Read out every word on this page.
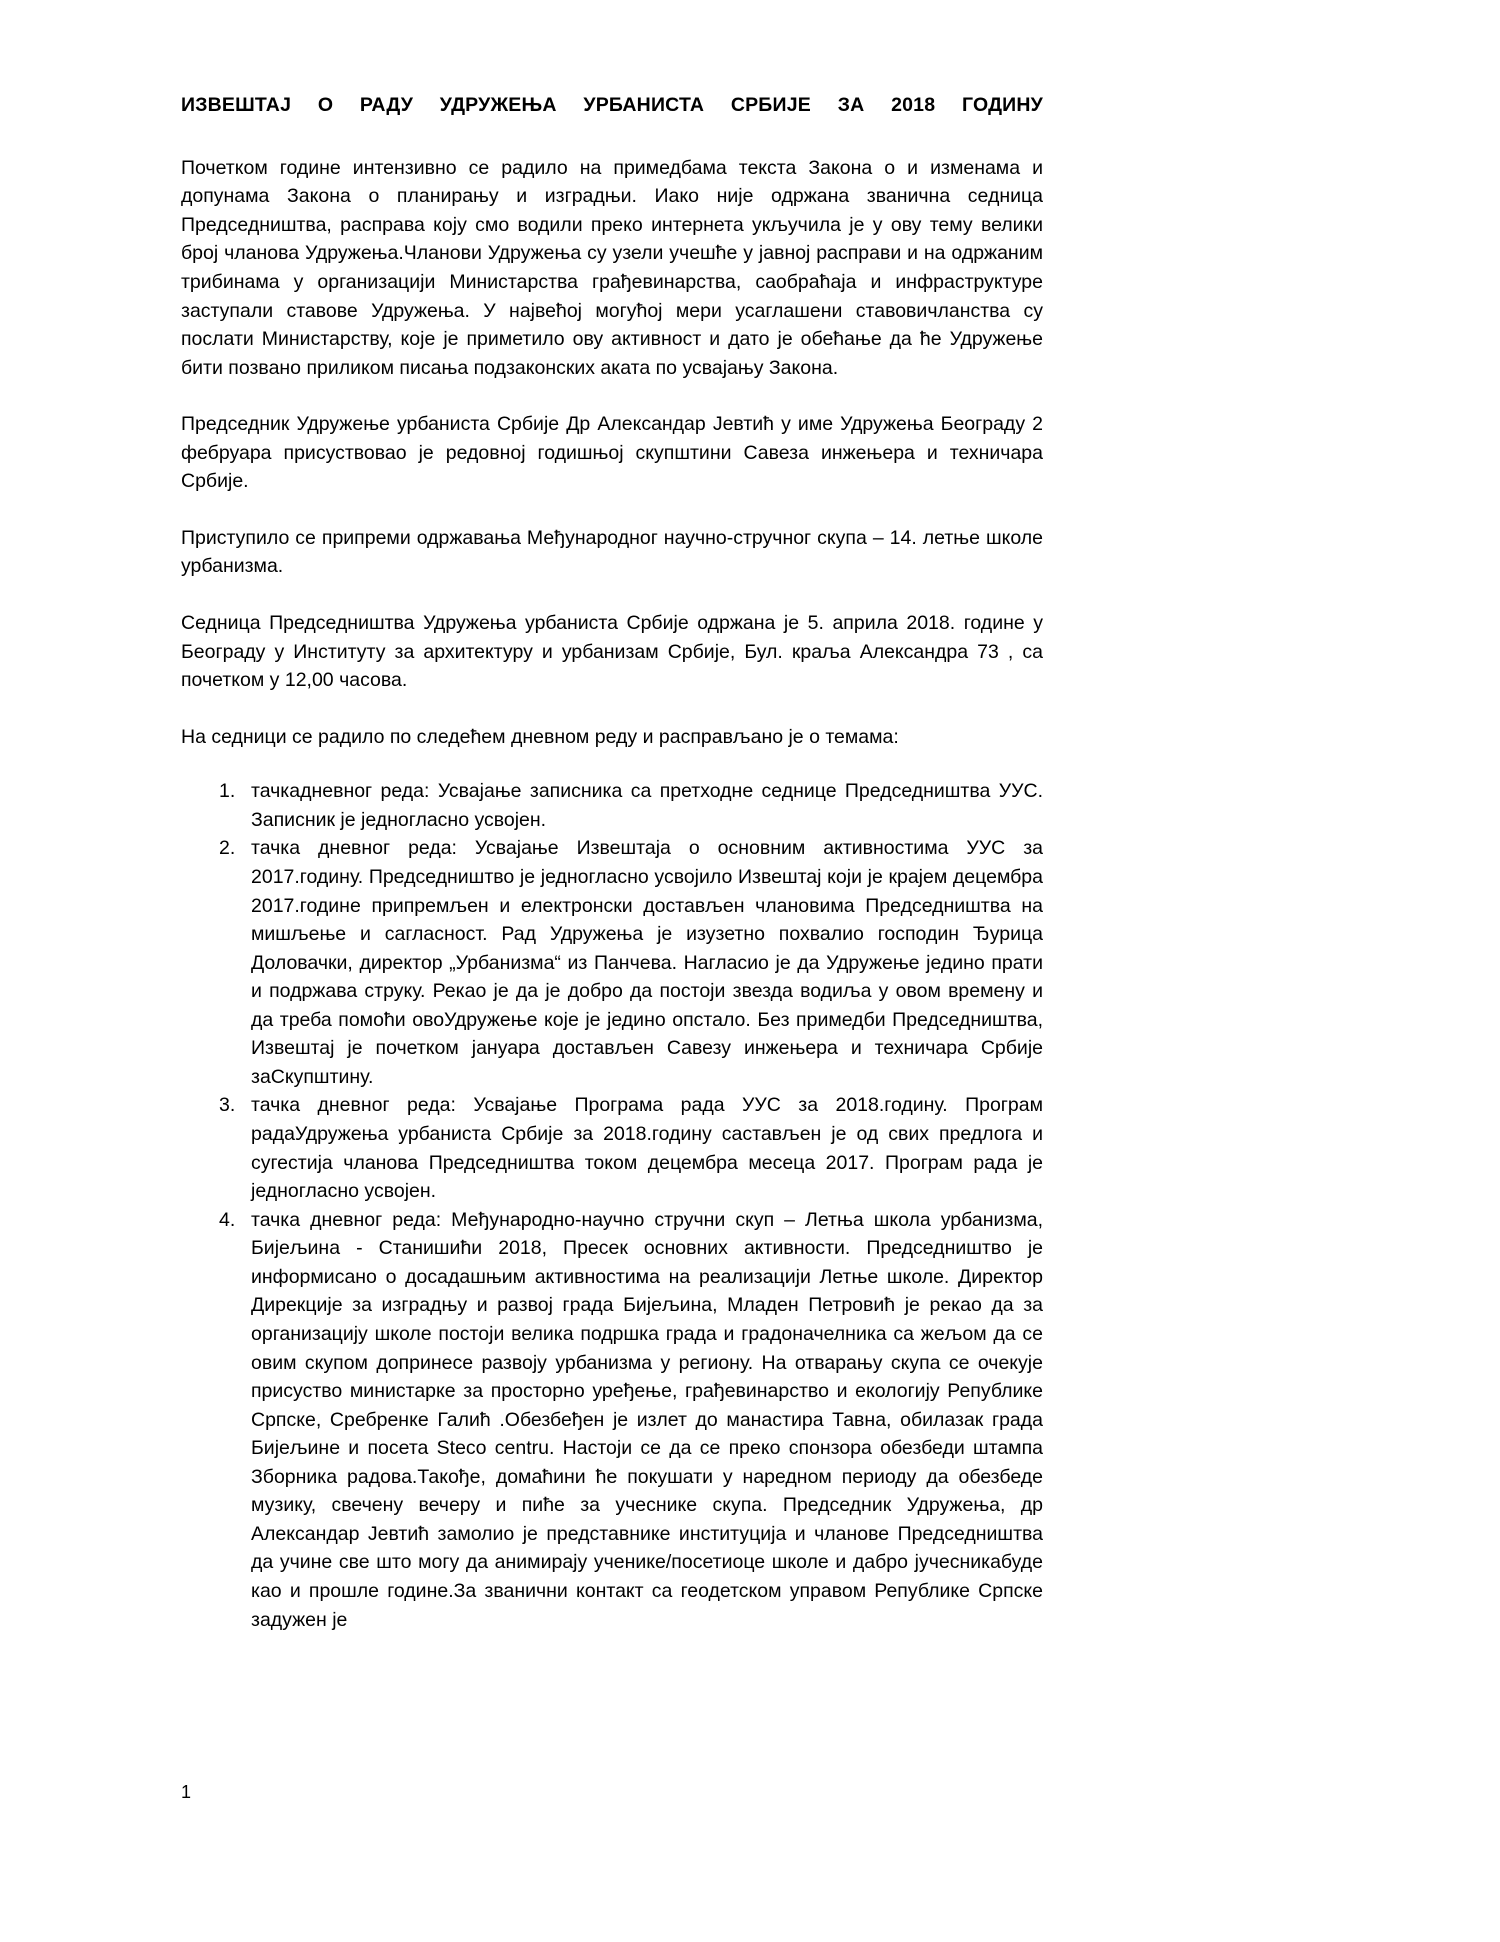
ИЗВЕШТАЈ О РАДУ УДРУЖЕЊА УРБАНИСТА СРБИЈЕ ЗА 2018 ГОДИНУ

Почетком године интензивно се радило на примедбама текста Закона о и изменама и допунама Закона о планирању и изградњи. Иако није одржана званична седница Председништва, расправа коју смо водили преко интернета укључила је у ову тему велики број чланова Удружења.Чланови Удружења су узели учешће у јавној расправи и на одржаним трибинама у организацији Министарства грађевинарства, саобраћаја и инфраструктуре заступали ставове Удружења. У највећој могућој мери усаглашени ставовичланства су послати Министарству, које је приметило ову активност и дато је обећање да ће Удружење бити позвано приликом писања подзаконских аката по усвајању Закона.

Председник Удружење урбаниста Србије Др Александар Јевтић у име Удружења Београду 2 фебруара присуствовао је редовној годишњој скупштини Савеза инжењера и техничара Србије.

Приступило се припреми одржавања Међународног научно-стручног скупа – 14. летње школе урбанизма.

Седница Председништва Удружења урбаниста Србије одржана је 5. априла 2018. године у Београду у Институту за архитектуру и урбанизам Србије, Бул. краља Александра 73 , са почетком у 12,00 часова.

На седници се радило по следећем дневном реду и расправљано је о темама:

тачкадневног реда: Усвајање записника са претходне седнице Председништва УУС. Записник је једногласно усвојен.
тачка дневног реда: Усвајање Извештаја о основним активностима УУС за 2017.годину. Председништво је једногласно усвојило Извештај који је крајем децембра 2017.године припремљен и електронски достављен члановима Председништва на мишљење и сагласност. Рад Удружења је изузетно похвалио господин Ђурица Доловачки, директор „Урбанизма“ из Панчева. Нагласио је да Удружење једино прати и подржава струку. Рекао је да је добро да постоји звезда водиља у овом времену и да треба помоћи овоУдружење које је једино опстало. Без примедби Председништва, Извештај је почетком јануара достављен Савезу инжењера и техничара Србије заСкупштину.
тачка дневног реда: Усвајање Програма рада УУС за 2018.годину. Програм радаУдружења урбаниста Србије за 2018.годину састављен је од свих предлога и сугестија чланова Председништва током децембра месеца 2017. Програм рада је једногласно усвојен.
тачка дневног реда: Међународно-научно стручни скуп – Летња школа урбанизма, Бијељина - Станишићи 2018, Пресек основних активности. Председништво је информисано о досадашњим активностима на реализацији Летње школе. Директор Дирекције за изградњу и развој града Бијељина, Младен Петровић је рекао да за организацију школе постоји велика подршка града и градоначелника са жељом да се овим скупом допринесе развоју урбанизма у региону. На отварању скупа се очекује присуство министарке за просторно уређење, грађевинарство и екологију Републике Српске, Сребренке Галић .Обезбеђен је излет до манастира Тавна, обилазак града Бијељине и посета Steco centru. Настоји се да се преко спонзора обезбеди штампа Зборника радова.Такође, домаћини ће покушати у наредном периоду да обезбеде музику, свечену вечеру и пиће за учеснике скупа. Председник Удружења, др Александар Јевтић замолио је представнике институција и чланове Председништва да учине све што могу да анимирају ученике/посетиоце школе и дабро јучесникабуде као и прошле године.За званични контакт са геодетском управом Републике Српске задужен је
1
